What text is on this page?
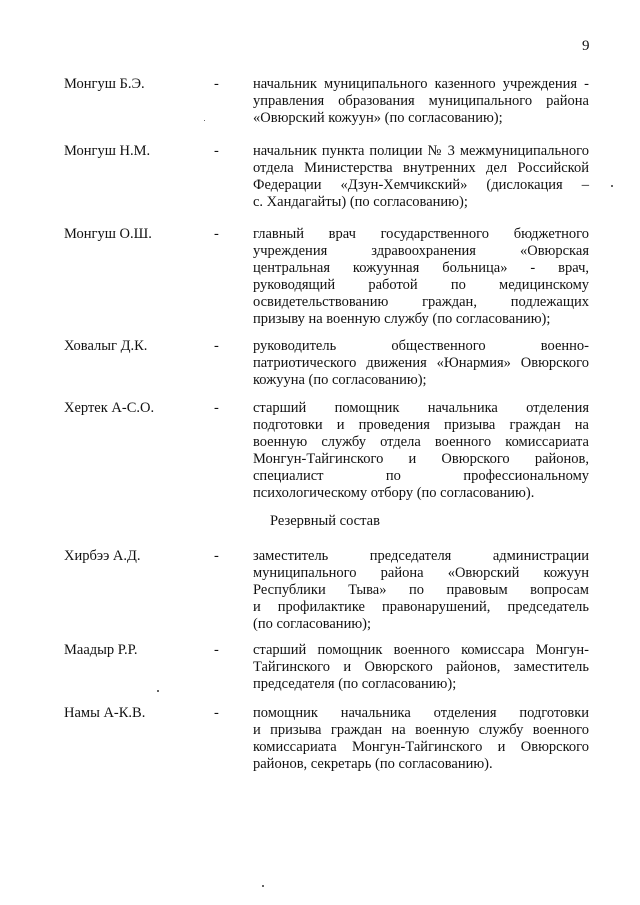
9
Монгуш Б.Э.	- начальник муниципального казенного учреждения -
управления образования муниципального района
«Овюрский кожуун» (по согласованию);
Монгуш Н.М.	- начальник пункта полиции № 3 межмуниципального
отдела Министерства внутренних дел Российской
Федерации «Дзун-Хемчикский» (дислокация –
с. Хандагайты) (по согласованию);
Монгуш О.Ш.	- главный врач государственного бюджетного
учреждения здравоохранения «Овюрская
центральная кожуунная больница» - врач,
руководящий работой по медицинскому
освидетельствованию граждан, подлежащих
призыву на военную службу (по согласованию);
Ховалыг Д.К.	- руководитель общественного военно-
патриотического движения «Юнармия» Овюрского
кожууна (по согласованию);
Хертек А-С.О.	- старший помощник начальника отделения
подготовки и проведения призыва граждан на
военную службу отдела военного комиссариата
Монгун-Тайгинского и Овюрского районов,
специалист по профессиональному
психологическому отбору (по согласованию).
Резервный состав
Хирбээ А.Д.	- заместитель председателя администрации
муниципального района «Овюрский кожуун
Республики Тыва» по правовым вопросам
и профилактике правонарушений, председатель
(по согласованию);
Маадыр Р.Р.	- старший помощник военного комиссара Монгун-
Тайгинского и Овюрского районов, заместитель
председателя (по согласованию);
Намы А-К.В.	- помощник начальника отделения подготовки
и призыва граждан на военную службу военного
комиссариата Монгун-Тайгинского и Овюрского
районов, секретарь (по согласованию).
